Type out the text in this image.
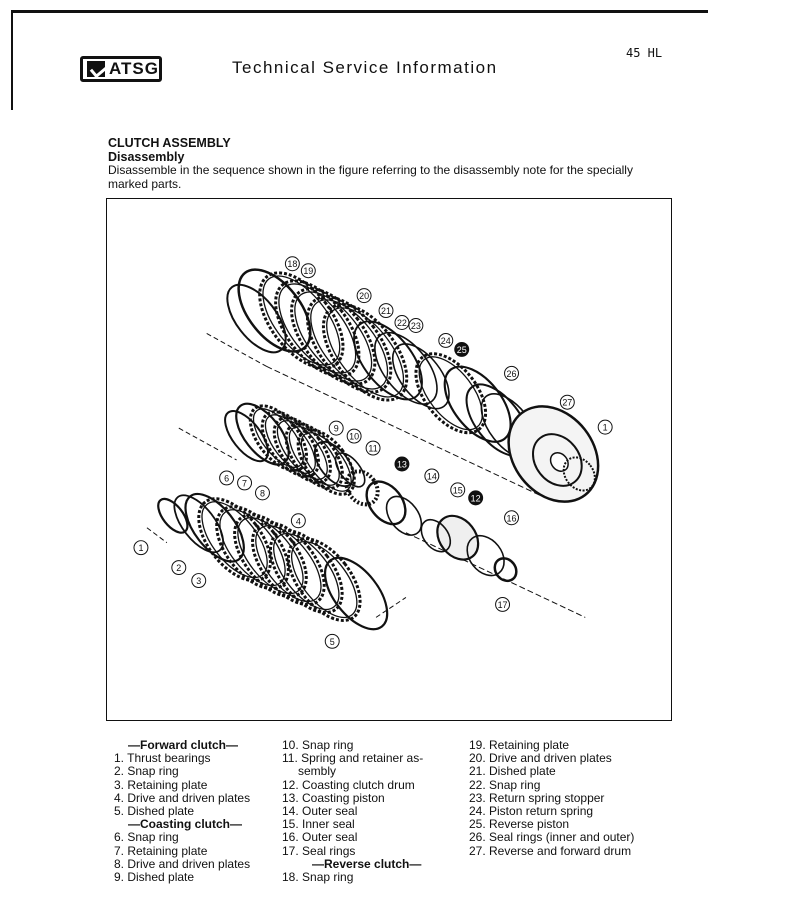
ATSG	Technical Service Information
45 HL
CLUTCH ASSEMBLY
Disassembly
Disassemble in the sequence shown in the figure referring to the disassembly note for the specially marked parts.
1
2
3
4
5
6 7
8
9
10
11
12
13
14
15
16
17
18
19
20
21
22 23
24
25
26
27
1
—Forward clutch—
1. Thrust bearings
2. Snap ring
3. Retaining plate
4. Drive and driven plates
5. Dished plate
—Coasting clutch—
6. Snap ring
7. Retaining plate
8. Drive and driven plates
9. Dished plate
10. Snap ring
11. Spring and retainer as-
sembly
12. Coasting clutch drum
13. Coasting piston
14. Outer seal
15. Inner seal
16. Outer seal
17. Seal rings
—Reverse clutch—
18. Snap ring
19. Retaining plate
20. Drive and driven plates
21. Dished plate
22. Snap ring
23. Return spring stopper
24. Piston return spring
25. Reverse piston
26. Seal rings (inner and outer)
27. Reverse and forward drum
